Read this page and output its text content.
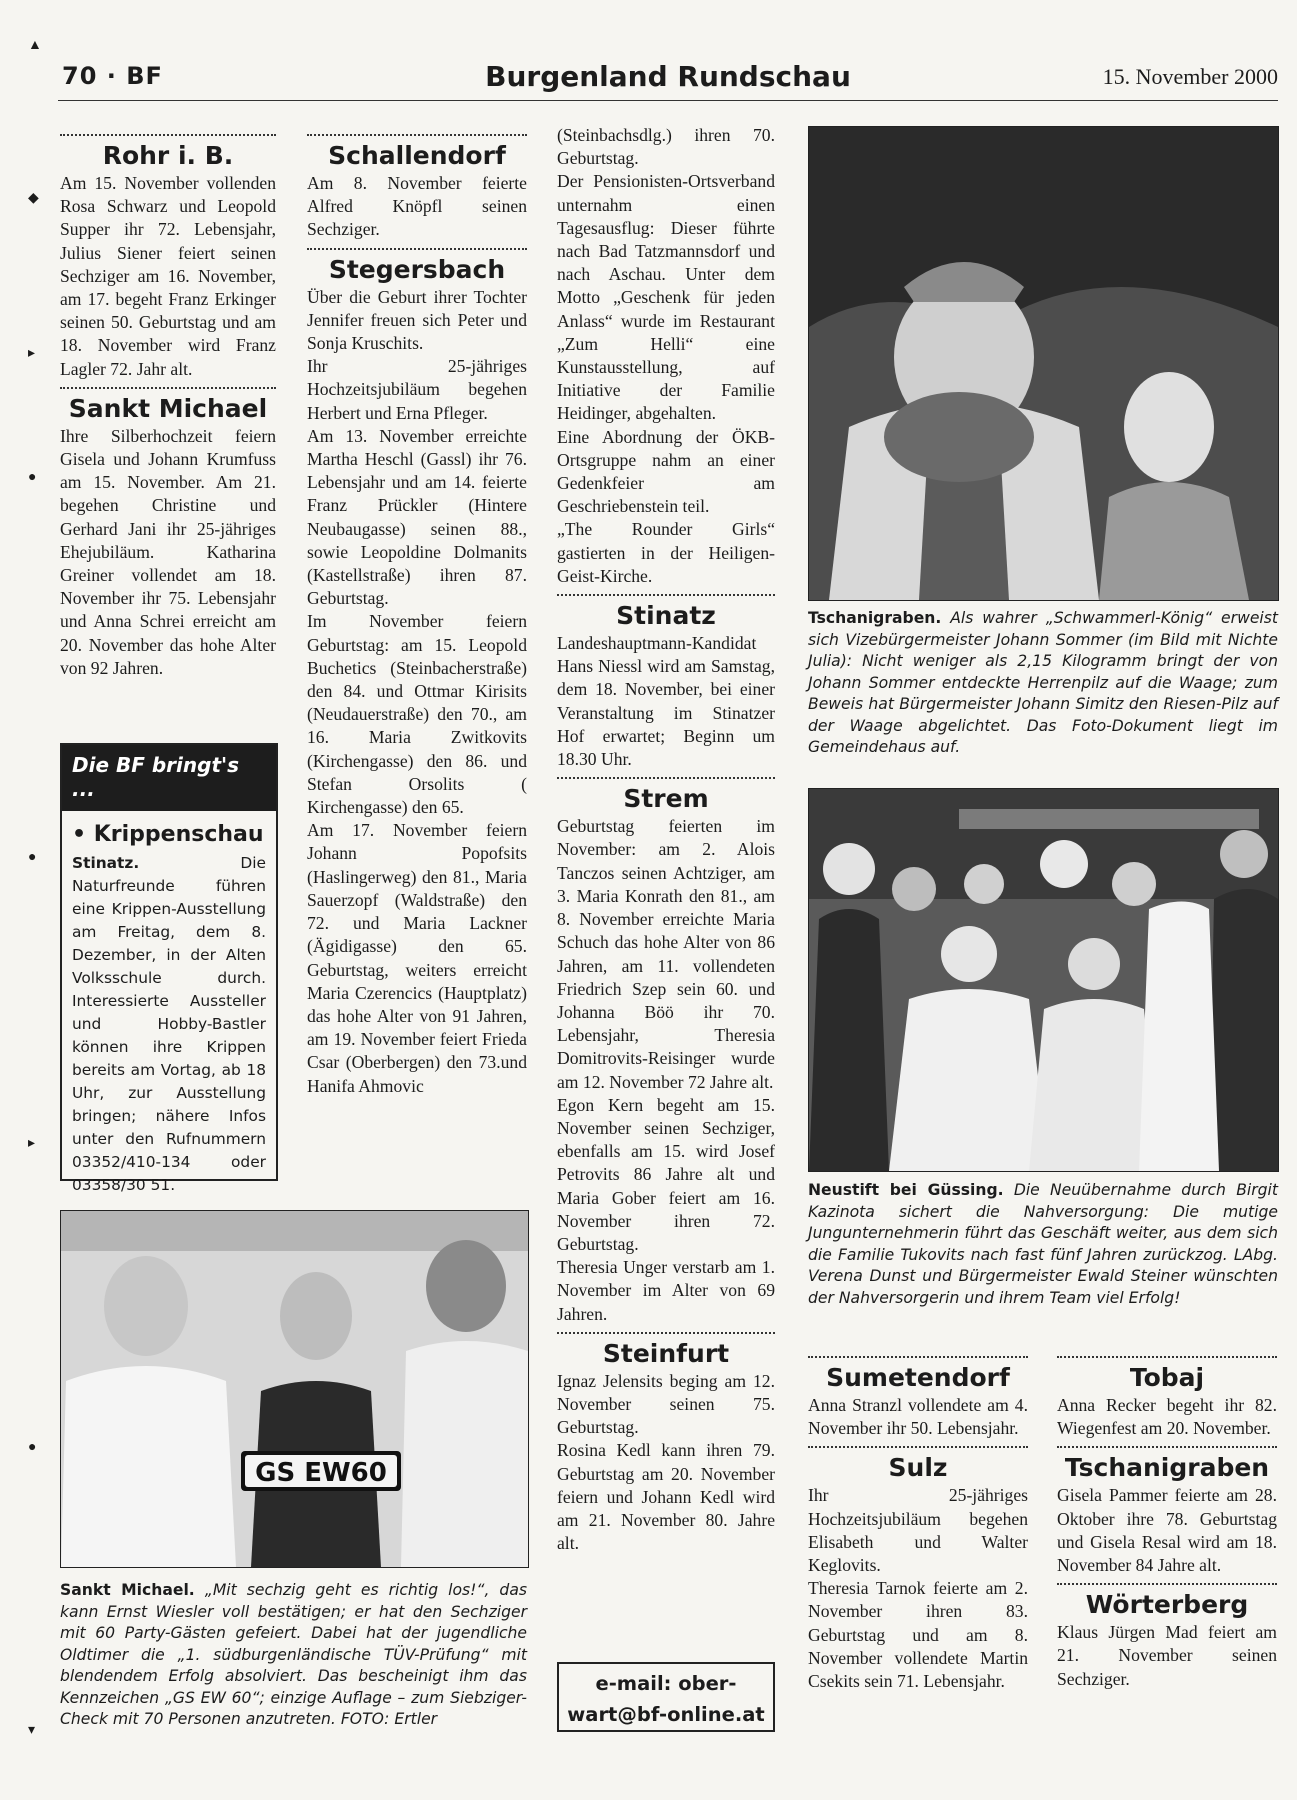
70 · BF	Burgenland Rundschau	15. November 2000
Rohr i. B.

Am 15. November vollenden Rosa Schwarz und Leopold Supper ihr 72. Lebensjahr, Julius Siener feiert seinen Sechziger am 16. November, am 17. begeht Franz Erkinger seinen 50. Geburtstag und am 18. November wird Franz Lagler 72. Jahr alt.

Sankt Michael

Ihre Silberhochzeit feiern Gisela und Johann Krumfuss am 15. November. Am 21. begehen Christine und Gerhard Jani ihr 25-jähriges Ehejubiläum. Katharina Greiner vollendet am 18. November ihr 75. Lebensjahr und Anna Schrei erreicht am 20. November das hohe Alter von 92 Jahren.

Die BF bringt's ...
• Krippenschau
Stinatz.	Die Naturfreunde führen eine Krippen-Ausstellung am Freitag, dem 8. Dezember, in der Alten Volksschule durch. Interessierte Aussteller und Hobby-Bastler können ihre Krippen bereits am Vortag, ab 18 Uhr, zur Ausstellung bringen; nähere Infos unter den Rufnummern 03352/410-134 oder 03358/30 51.
Schallendorf

Am 8. November feierte Alfred Knöpfl seinen Sechziger.

Stegersbach

Über die Geburt ihrer Tochter Jennifer freuen sich Peter und Sonja Kruschits.

Ihr 25-jähriges Hochzeitsjubiläum begehen Herbert und Erna Pfleger.

Am 13. November erreichte Martha Heschl (Gassl) ihr 76. Lebensjahr und am 14. feierte Franz Prückler (Hintere Neubaugasse) seinen 88., sowie Leopoldine Dolmanits (Kastellstraße) ihren 87. Geburtstag.

Im November feiern Geburtstag: am 15. Leopold Buchetics (Steinbacherstraße) den 84. und Ottmar Kirisits (Neudauerstraße) den 70., am 16. Maria Zwitkovits (Kirchengasse) den 86. und Stefan Orsolits ( Kirchengasse) den 65.

Am 17. November feiern Johann Popofsits (Haslingerweg) den 81., Maria Sauerzopf (Waldstraße) den 72. und Maria Lackner (Ägidigasse) den 65. Geburtstag, weiters erreicht Maria Czerencics (Hauptplatz) das hohe Alter von 91 Jahren, am 19. November feiert Frieda Csar (Oberbergen) den 73.und Hanifa Ahmovic

(Steinbachsdlg.) ihren 70. Geburtstag.

Der Pensionisten-Ortsverband unternahm einen Tagesausflug: Dieser führte nach Bad Tatzmannsdorf und nach Aschau. Unter dem Motto „Geschenk für jeden Anlass“ wurde im Restaurant „Zum Helli“ eine Kunstausstellung, auf Initiative der Familie Heidinger, abgehalten.

Eine Abordnung der ÖKB-Ortsgruppe nahm an einer Gedenkfeier am Geschriebenstein teil.

„The Rounder Girls“ gastierten in der Heiligen-Geist-Kirche.

Stinatz

Landeshauptmann-Kandidat Hans Niessl wird am Samstag, dem 18. November, bei einer Veranstaltung im Stinatzer Hof erwartet; Beginn um 18.30 Uhr.

Strem

Geburtstag feierten im November: am 2. Alois Tanczos seinen Achtziger, am 3. Maria Konrath den 81., am 8. November erreichte Maria Schuch das hohe Alter von 86 Jahren, am 11. vollendeten Friedrich Szep sein 60. und Johanna Böö ihr 70. Lebensjahr, Theresia Domitrovits-Reisinger wurde am 12. November 72 Jahre alt.

Egon Kern begeht am 15. November seinen Sechziger, ebenfalls am 15. wird Josef Petrovits 86 Jahre alt und Maria Gober feiert am 16. November ihren 72. Geburtstag.

Theresia Unger verstarb am 1. November im Alter von 69 Jahren.

Steinfurt

Ignaz Jelensits beging am 12. November seinen 75. Geburtstag.

Rosina Kedl kann ihren 79. Geburtstag am 20. November feiern und Johann Kedl wird am 21. November 80. Jahre alt.

e-mail: ober-
wart@bf-online.at
Tschanigraben. Als wahrer „Schwammerl-König“ erweist sich Vizebürgermeister Johann Sommer (im Bild mit Nichte Julia): Nicht weniger als 2,15 Kilogramm bringt der von Johann Sommer entdeckte Herrenpilz auf die Waage; zum Beweis hat Bürgermeister Johann Simitz den Riesen-Pilz auf der Waage abgelichtet. Das Foto-Dokument liegt im Gemeindehaus auf.
Neustift bei Güssing. Die Neuübernahme durch Birgit Kazinota sichert die Nahversorgung: Die mutige Jungunternehmerin führt das Geschäft weiter, aus dem sich die Familie Tukovits nach fast fünf Jahren zurückzog. LAbg. Verena Dunst und Bürgermeister Ewald Steiner wünschten der Nahversorgerin und ihrem Team viel Erfolg!
GS EW60
Sankt Michael. „Mit sechzig geht es richtig los!“, das kann Ernst Wiesler voll bestätigen; er hat den Sechziger mit 60 Party-Gästen gefeiert. Dabei hat der jugendliche Oldtimer die „1. südburgenländische TÜV-Prüfung“ mit blendendem Erfolg absolviert. Das bescheinigt ihm das Kennzeichen „GS EW 60“; einzige Auflage – zum Siebziger-Check mit 70 Personen anzutreten. FOTO: Ertler
Sumetendorf

Anna Stranzl vollendete am 4. November ihr 50. Lebensjahr.

Sulz

Ihr 25-jähriges Hochzeitsjubiläum begehen Elisabeth und Walter Keglovits.

Theresia Tarnok feierte am 2. November ihren 83. Geburtstag und am 8. November vollendete Martin Csekits sein 71. Lebensjahr.

Tobaj

Anna Recker begeht ihr 82. Wiegenfest am 20. November.

Tschanigraben

Gisela Pammer feierte am 28. Oktober ihre 78. Geburtstag und Gisela Resal wird am 18. November 84 Jahre alt.

Wörterberg

Klaus Jürgen Mad feiert am 21. November seinen Sechziger.

▲
◆
▸
●
●
▸
●
▾
